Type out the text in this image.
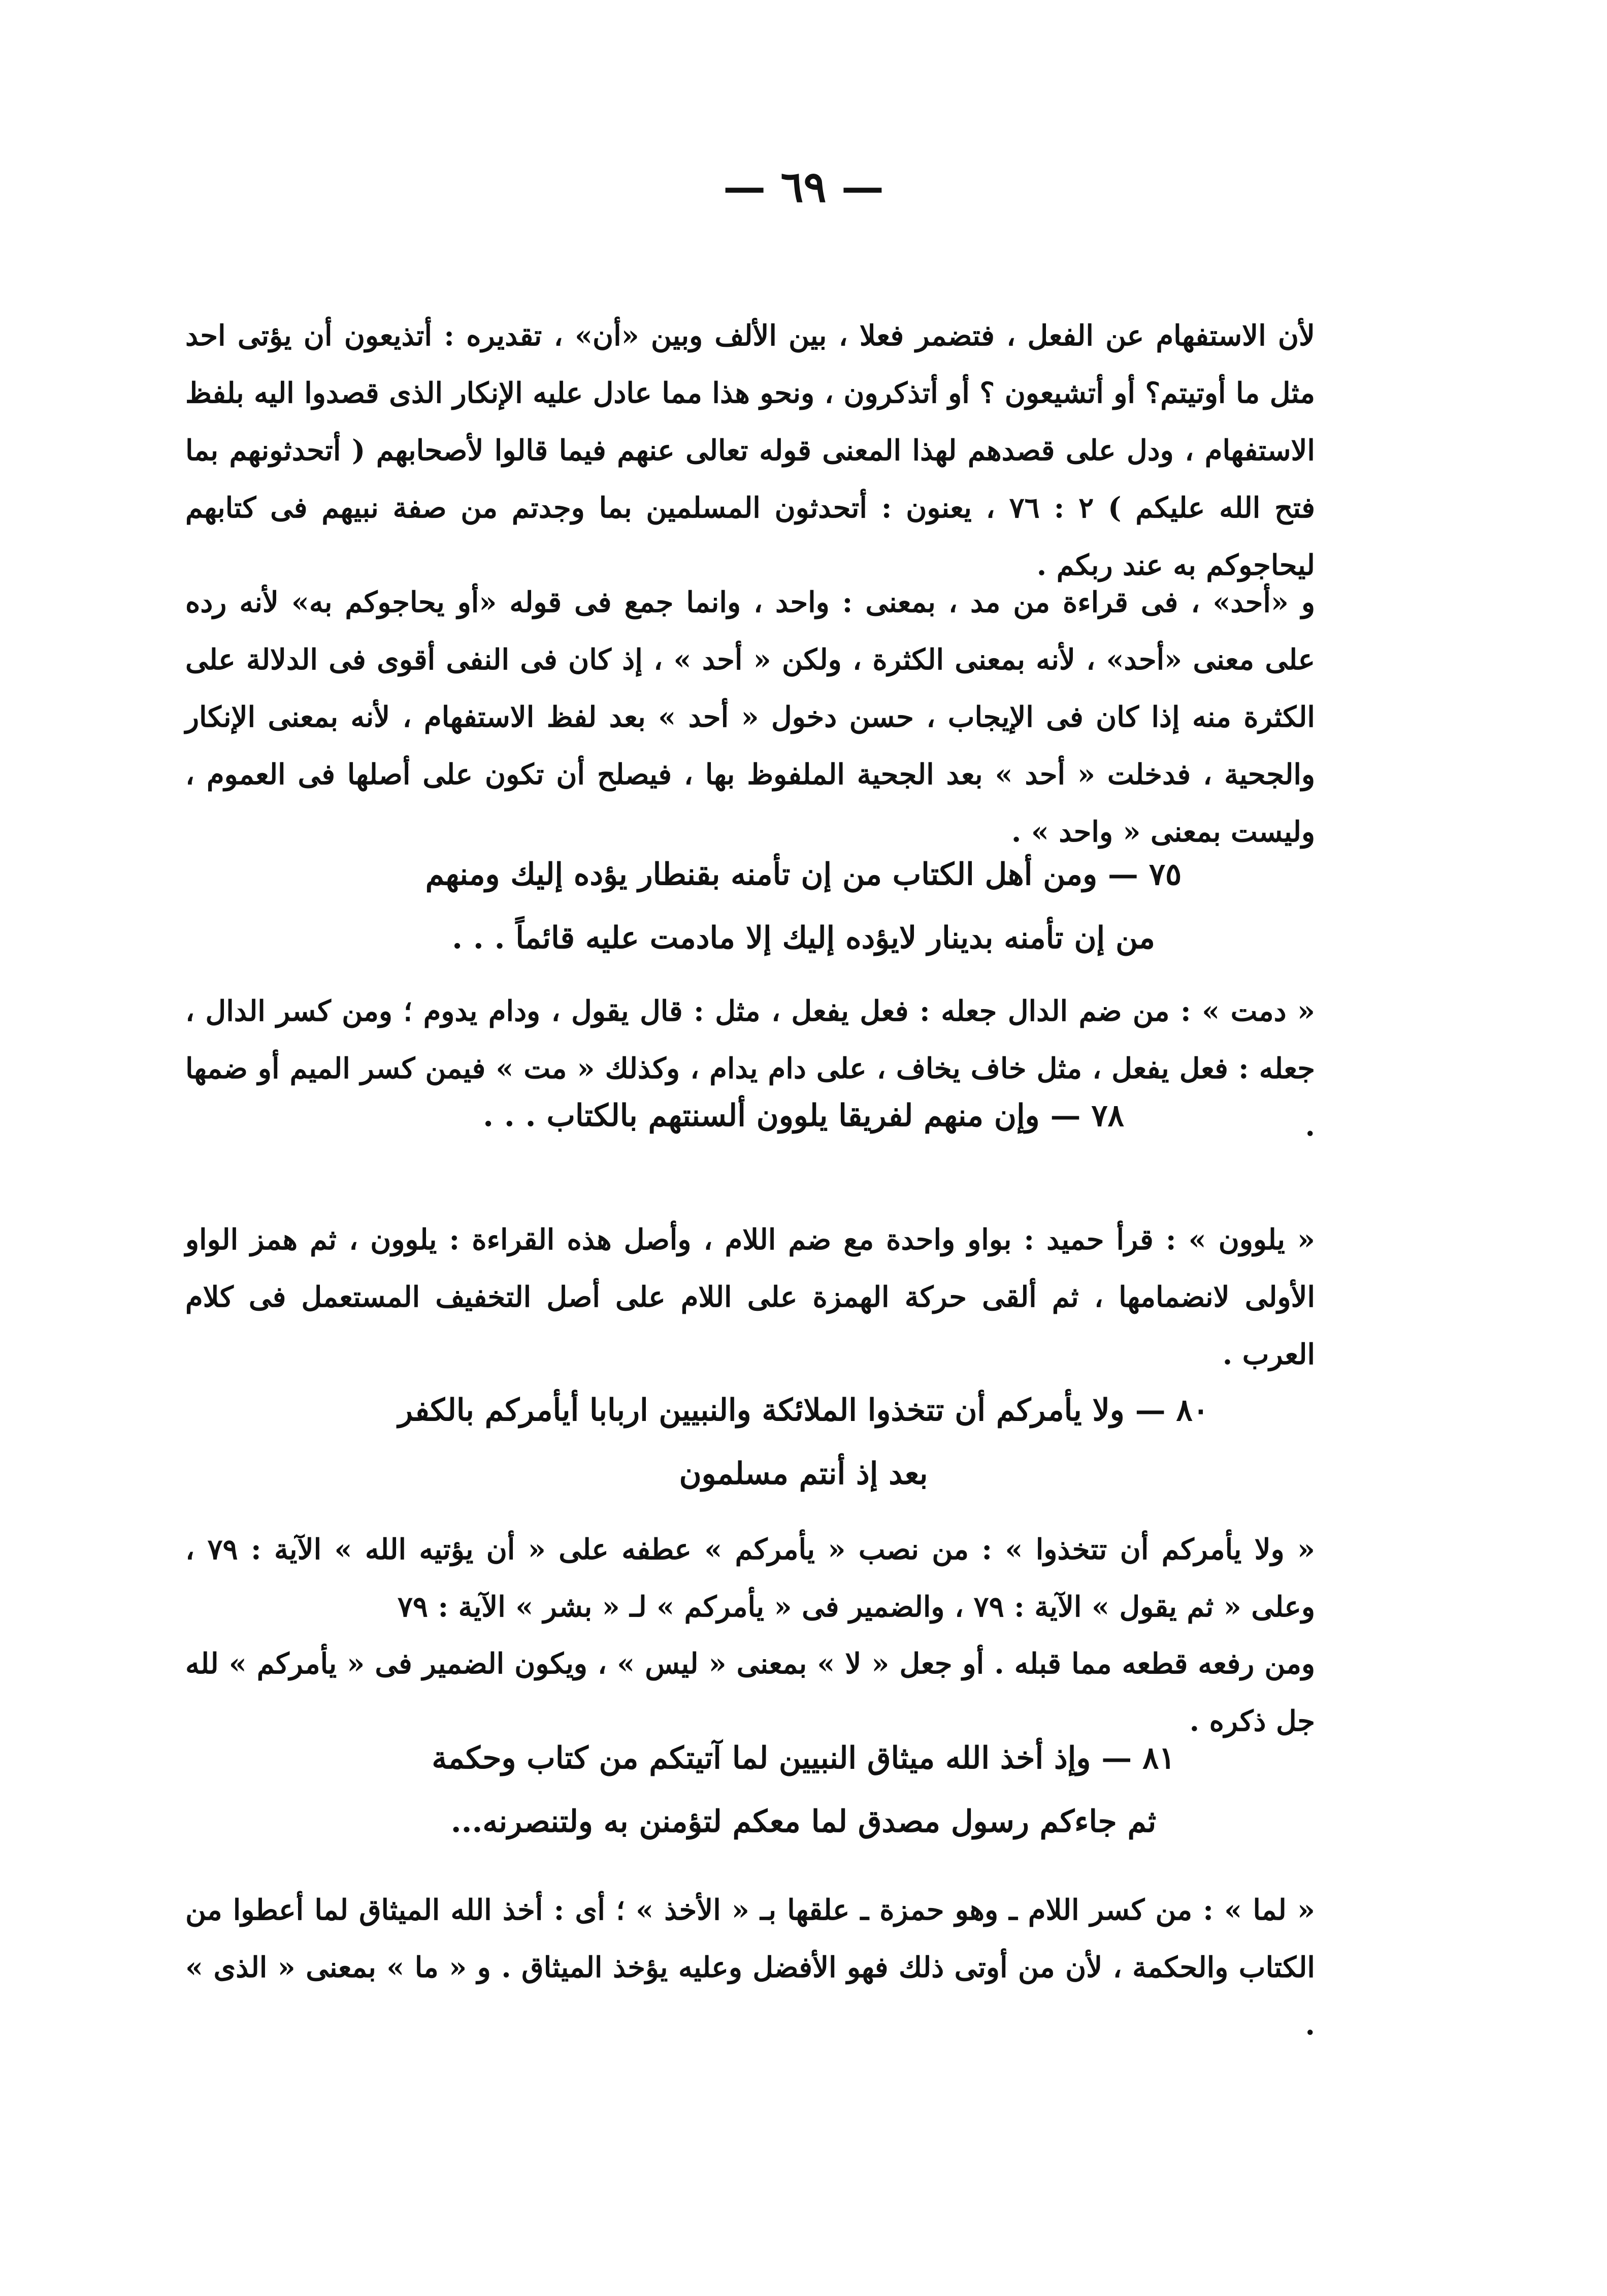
— ٦٩ —

لأن الاستفهام عن الفعل ، فتضمر فعلا ، بين الألف وبين «أن» ، تقديره : أتذيعون أن يؤتى احد مثل ما أوتيتم؟ أو أتشيعون ؟ أو أتذكرون ، ونحو هذا مما عادل عليه الإنكار الذى قصدوا اليه بلفظ الاستفهام ، ودل على قصدهم لهذا المعنى قوله تعالى عنهم فيما قالوا لأصحابهم ( أتحدثونهم بما فتح الله عليكم ) ٢ : ٧٦ ، يعنون : أتحدثون المسلمين بما وجدتم من صفة نبيهم فى كتابهم ليحاجوكم به عند ربكم .

و «أحد» ، فى قراءة من مد ، بمعنى : واحد ، وانما جمع فى قوله «أو يحاجوكم به» لأنه رده على معنى «أحد» ، لأنه بمعنى الكثرة ، ولكن « أحد » ، إذ كان فى النفى أقوى فى الدلالة على الكثرة منه إذا كان فى الإيجاب ، حسن دخول « أحد » بعد لفظ الاستفهام ، لأنه بمعنى الإنكار والجحية ، فدخلت « أحد » بعد الجحية الملفوظ بها ، فيصلح أن تكون على أصلها فى العموم ، وليست بمعنى « واحد » .

٧٥ — ومن أهل الكتاب من إن تأمنه بقنطار يؤده إليك ومنهم
من إن تأمنه بدينار لايؤده إليك إلا مادمت عليه قائماً . . .

« دمت » : من ضم الدال جعله : فعل يفعل ، مثل : قال يقول ، ودام يدوم ؛ ومن كسر الدال ، جعله : فعل يفعل ، مثل خاف يخاف ، على دام يدام ، وكذلك « مت » فيمن كسر الميم أو ضمها .

٧٨ — وإن منهم لفريقا يلوون ألسنتهم بالكتاب . . .

« يلوون » : قرأ حميد : بواو واحدة مع ضم اللام ، وأصل هذه القراءة : يلوون ، ثم همز الواو الأولى لانضمامها ، ثم ألقى حركة الهمزة على اللام على أصل التخفيف المستعمل فى كلام العرب .

٨٠ — ولا يأمركم أن تتخذوا الملائكة والنبيين اربابا أيأمركم بالكفر
بعد إذ أنتم مسلمون

« ولا يأمركم أن تتخذوا » : من نصب « يأمركم » عطفه على « أن يؤتيه الله » الآية : ٧٩ ، وعلى « ثم يقول » الآية : ٧٩ ، والضمير فى « يأمركم » لـ « بشر » الآية : ٧٩

ومن رفعه قطعه مما قبله . أو جعل « لا » بمعنى « ليس » ، ويكون الضمير فى « يأمركم » لله جل ذكره .

٨١ — وإذ أخذ الله ميثاق النبيين لما آتيتكم من كتاب وحكمة
ثم جاءكم رسول مصدق لما معكم لتؤمنن به ولتنصرنه...

« لما » : من كسر اللام ـ وهو حمزة ـ علقها بـ « الأخذ » ؛ أى : أخذ الله الميثاق لما أعطوا من الكتاب والحكمة ، لأن من أوتى ذلك فهو الأفضل وعليه يؤخذ الميثاق . و « ما » بمعنى « الذى » .
